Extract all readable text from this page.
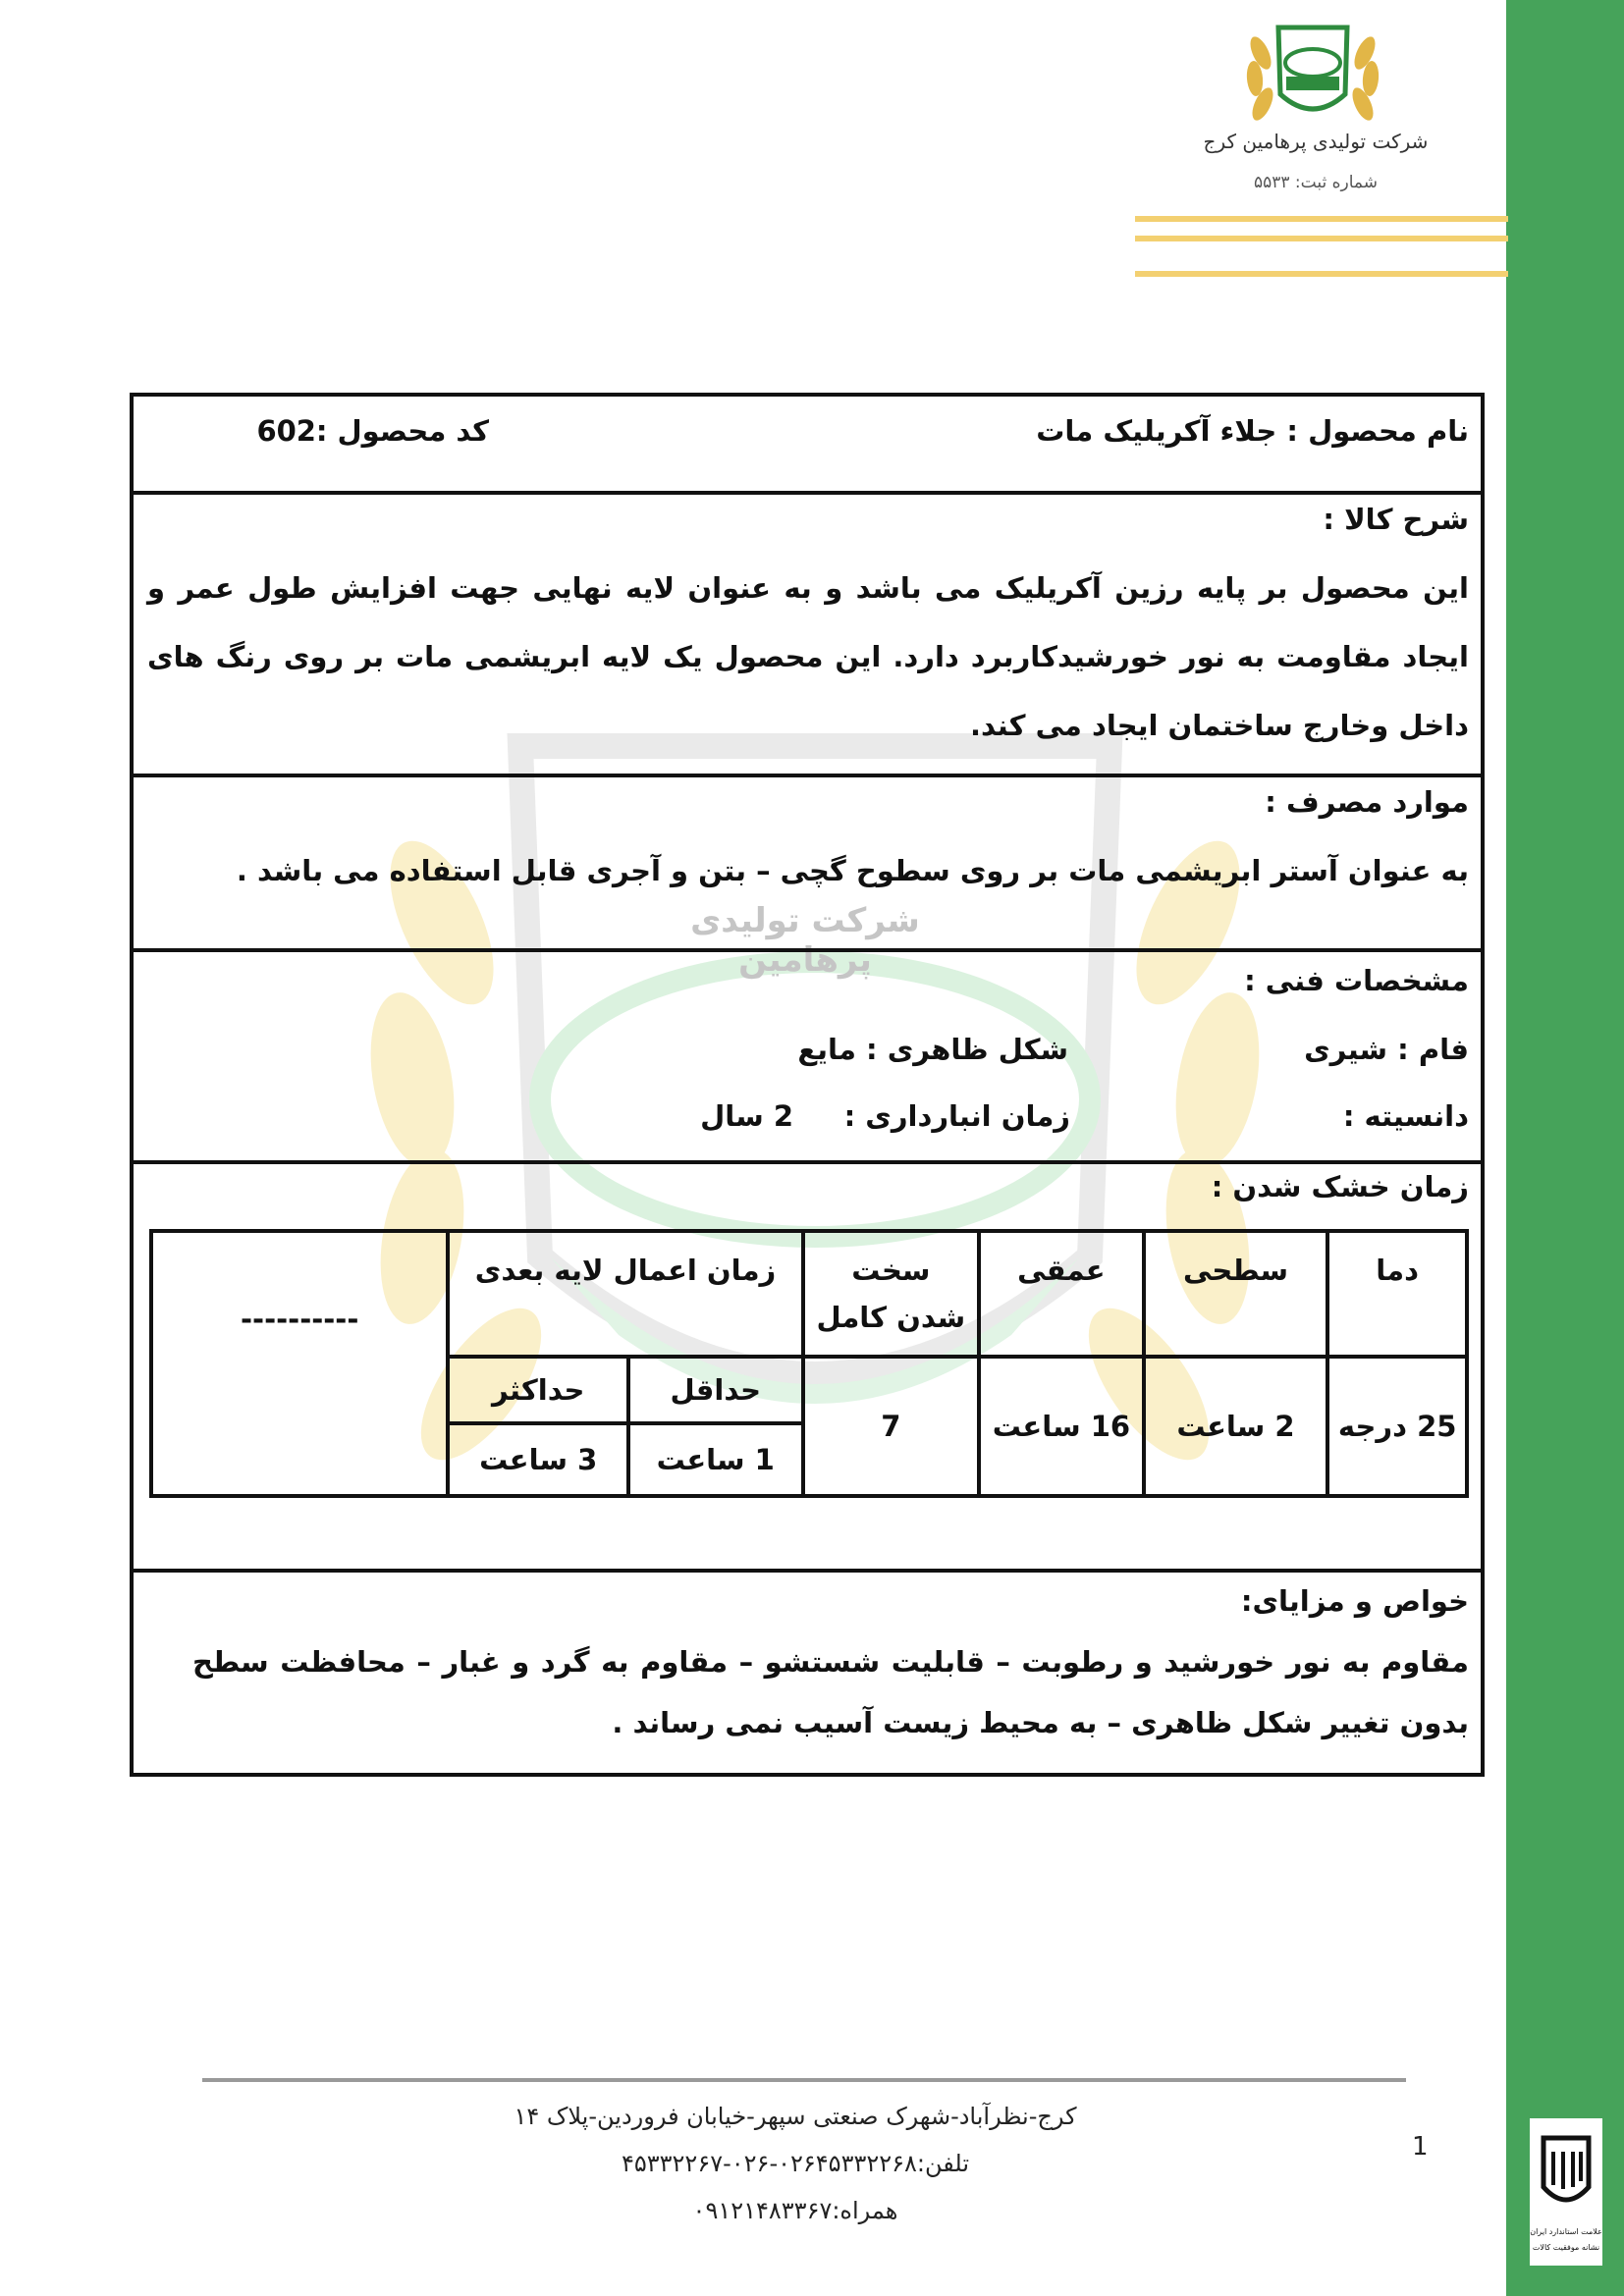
شرکت تولیدی پرهامین
شرکت تولیدی پرهامین کرج
شماره ثبت: ۵۵۳۳
نام محصول : جلاء آکریلیک مات
کد محصول :
602
شرح کالا :
این محصول بر پایه رزین آکریلیک می باشد و به عنوان لایه نهایی جهت افزایش طول عمر و ایجاد مقاومت به نور خورشیدکاربرد دارد. این محصول یک لایه ابریشمی مات بر روی رنگ های داخل وخارج ساختمان ایجاد می کند.
موارد مصرف :
به عنوان آستر ابریشمی مات بر روی سطوح گچی – بتن و آجری قابل استفاده می باشد .
مشخصات فنی :
فام : شیری
شکل ظاهری : مایع
دانسیته :
زمان انبارداری :
2 سال
زمان خشک شدن :
دما	سطحی	عمقی	سخت شدن کامل	زمان اعمال لایه بعدی		----------
25 درجه	2 ساعت	16 ساعت	7	حداقل	حداکثر	
				1 ساعت	3 ساعت	
خواص و مزایای:
مقاوم به نور خورشید و رطوبت – قابلیت شستشو – مقاوم به گرد و غبار – محافظت سطح بدون تغییر شکل ظاهری – به محیط زیست آسیب نمی رساند .
کرج-نظرآباد-شهرک صنعتی سپهر-خیابان فروردین-پلاک ۱۴
تلفن:۰۲۶۴۵۳۳۲۲۶۸-۰۲۶-۴۵۳۳۲۲۶۷
همراه:۰۹۱۲۱۴۸۳۳۶۷
1
علامت استاندارد ایران
نشانه موفقیت کالات
